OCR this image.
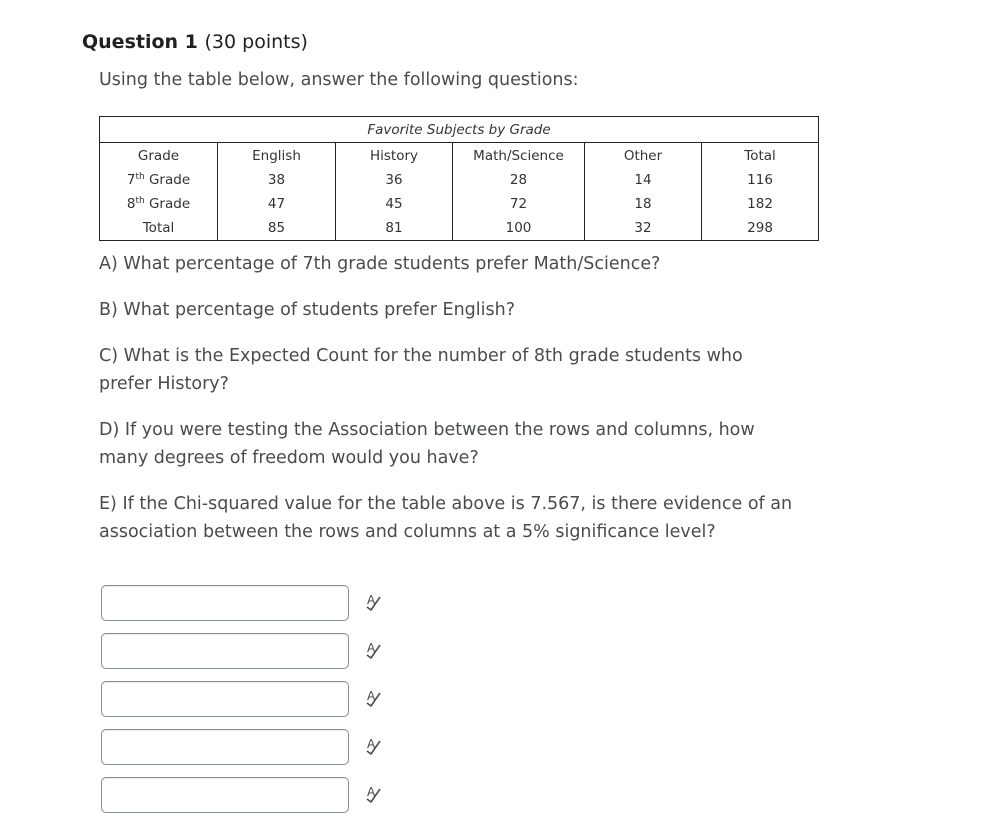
Question 1 (30 points)

Using the table below, answer the following questions:

Favorite Subjects by Grade					
Grade	English	History	Math/Science	Other	Total
7th Grade	38	36	28	14	116
8th Grade	47	45	72	18	182
Total	85	81	100	32	298

A) What percentage of 7th grade students prefer Math/Science?

B) What percentage of students prefer English?

C) What is the Expected Count for the number of 8th grade students who prefer History?

D) If you were testing the Association between the rows and columns, how many degrees of freedom would you have?

E) If the Chi-squared value for the table above is 7.567, is there evidence of an association between the rows and columns at a 5% significance level?

A
A
A
A
A
